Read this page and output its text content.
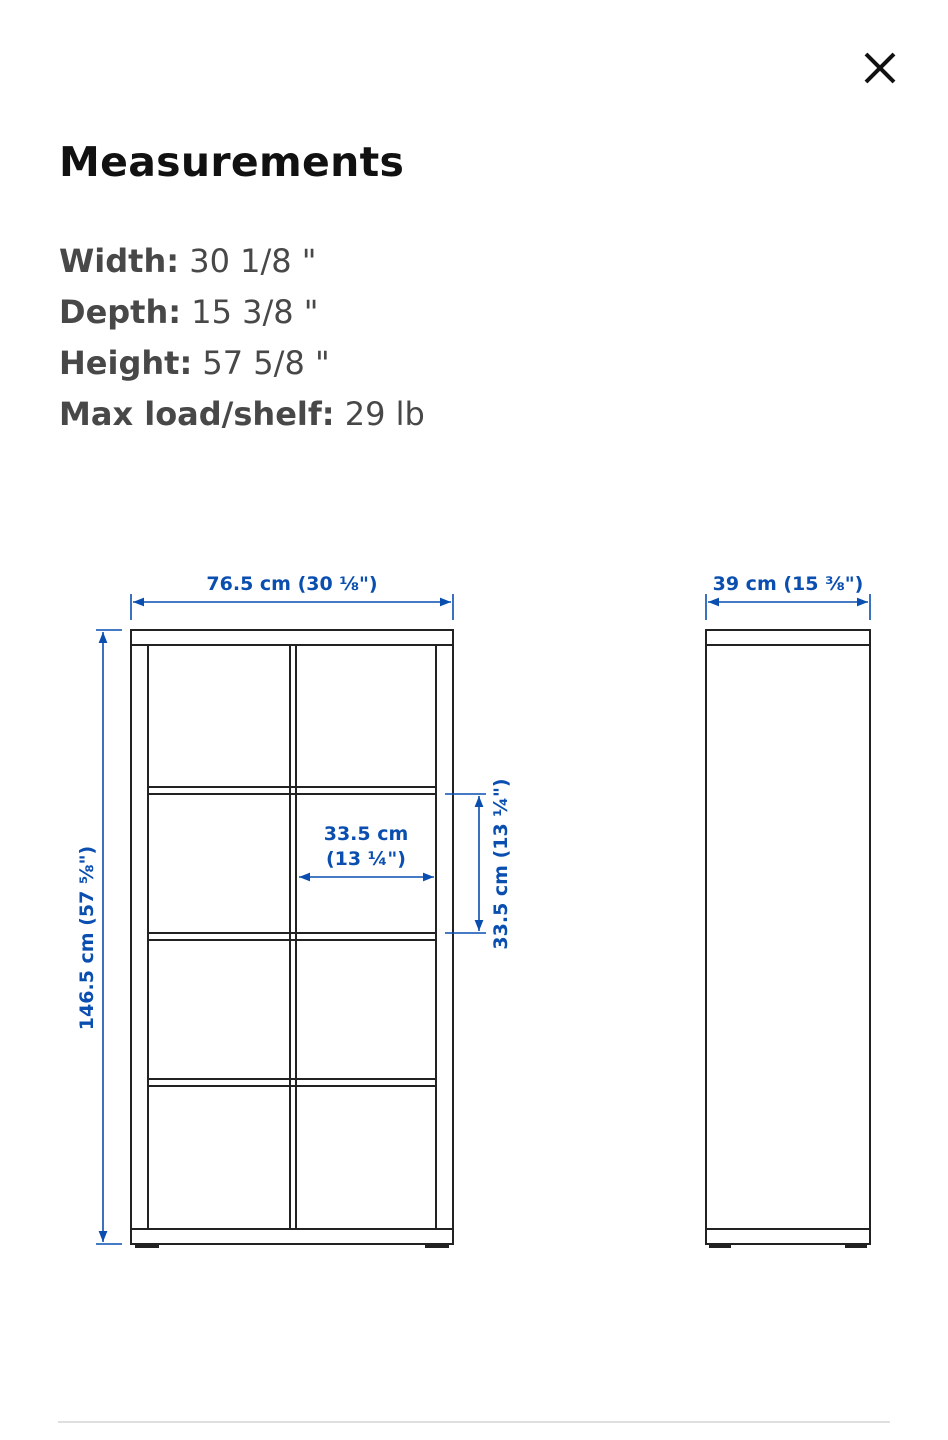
Measurements
Width: 30 1/8 "
Depth: 15 3/8 "
Height: 57 5/8 "
Max load/shelf: 29 lb
76.5 cm (30 ⅛")	39 cm (15 ⅜")
146.5 cm (57 ⅝")
33.5 cm
(13 ¼")	33.5 cm (13 ¼")
